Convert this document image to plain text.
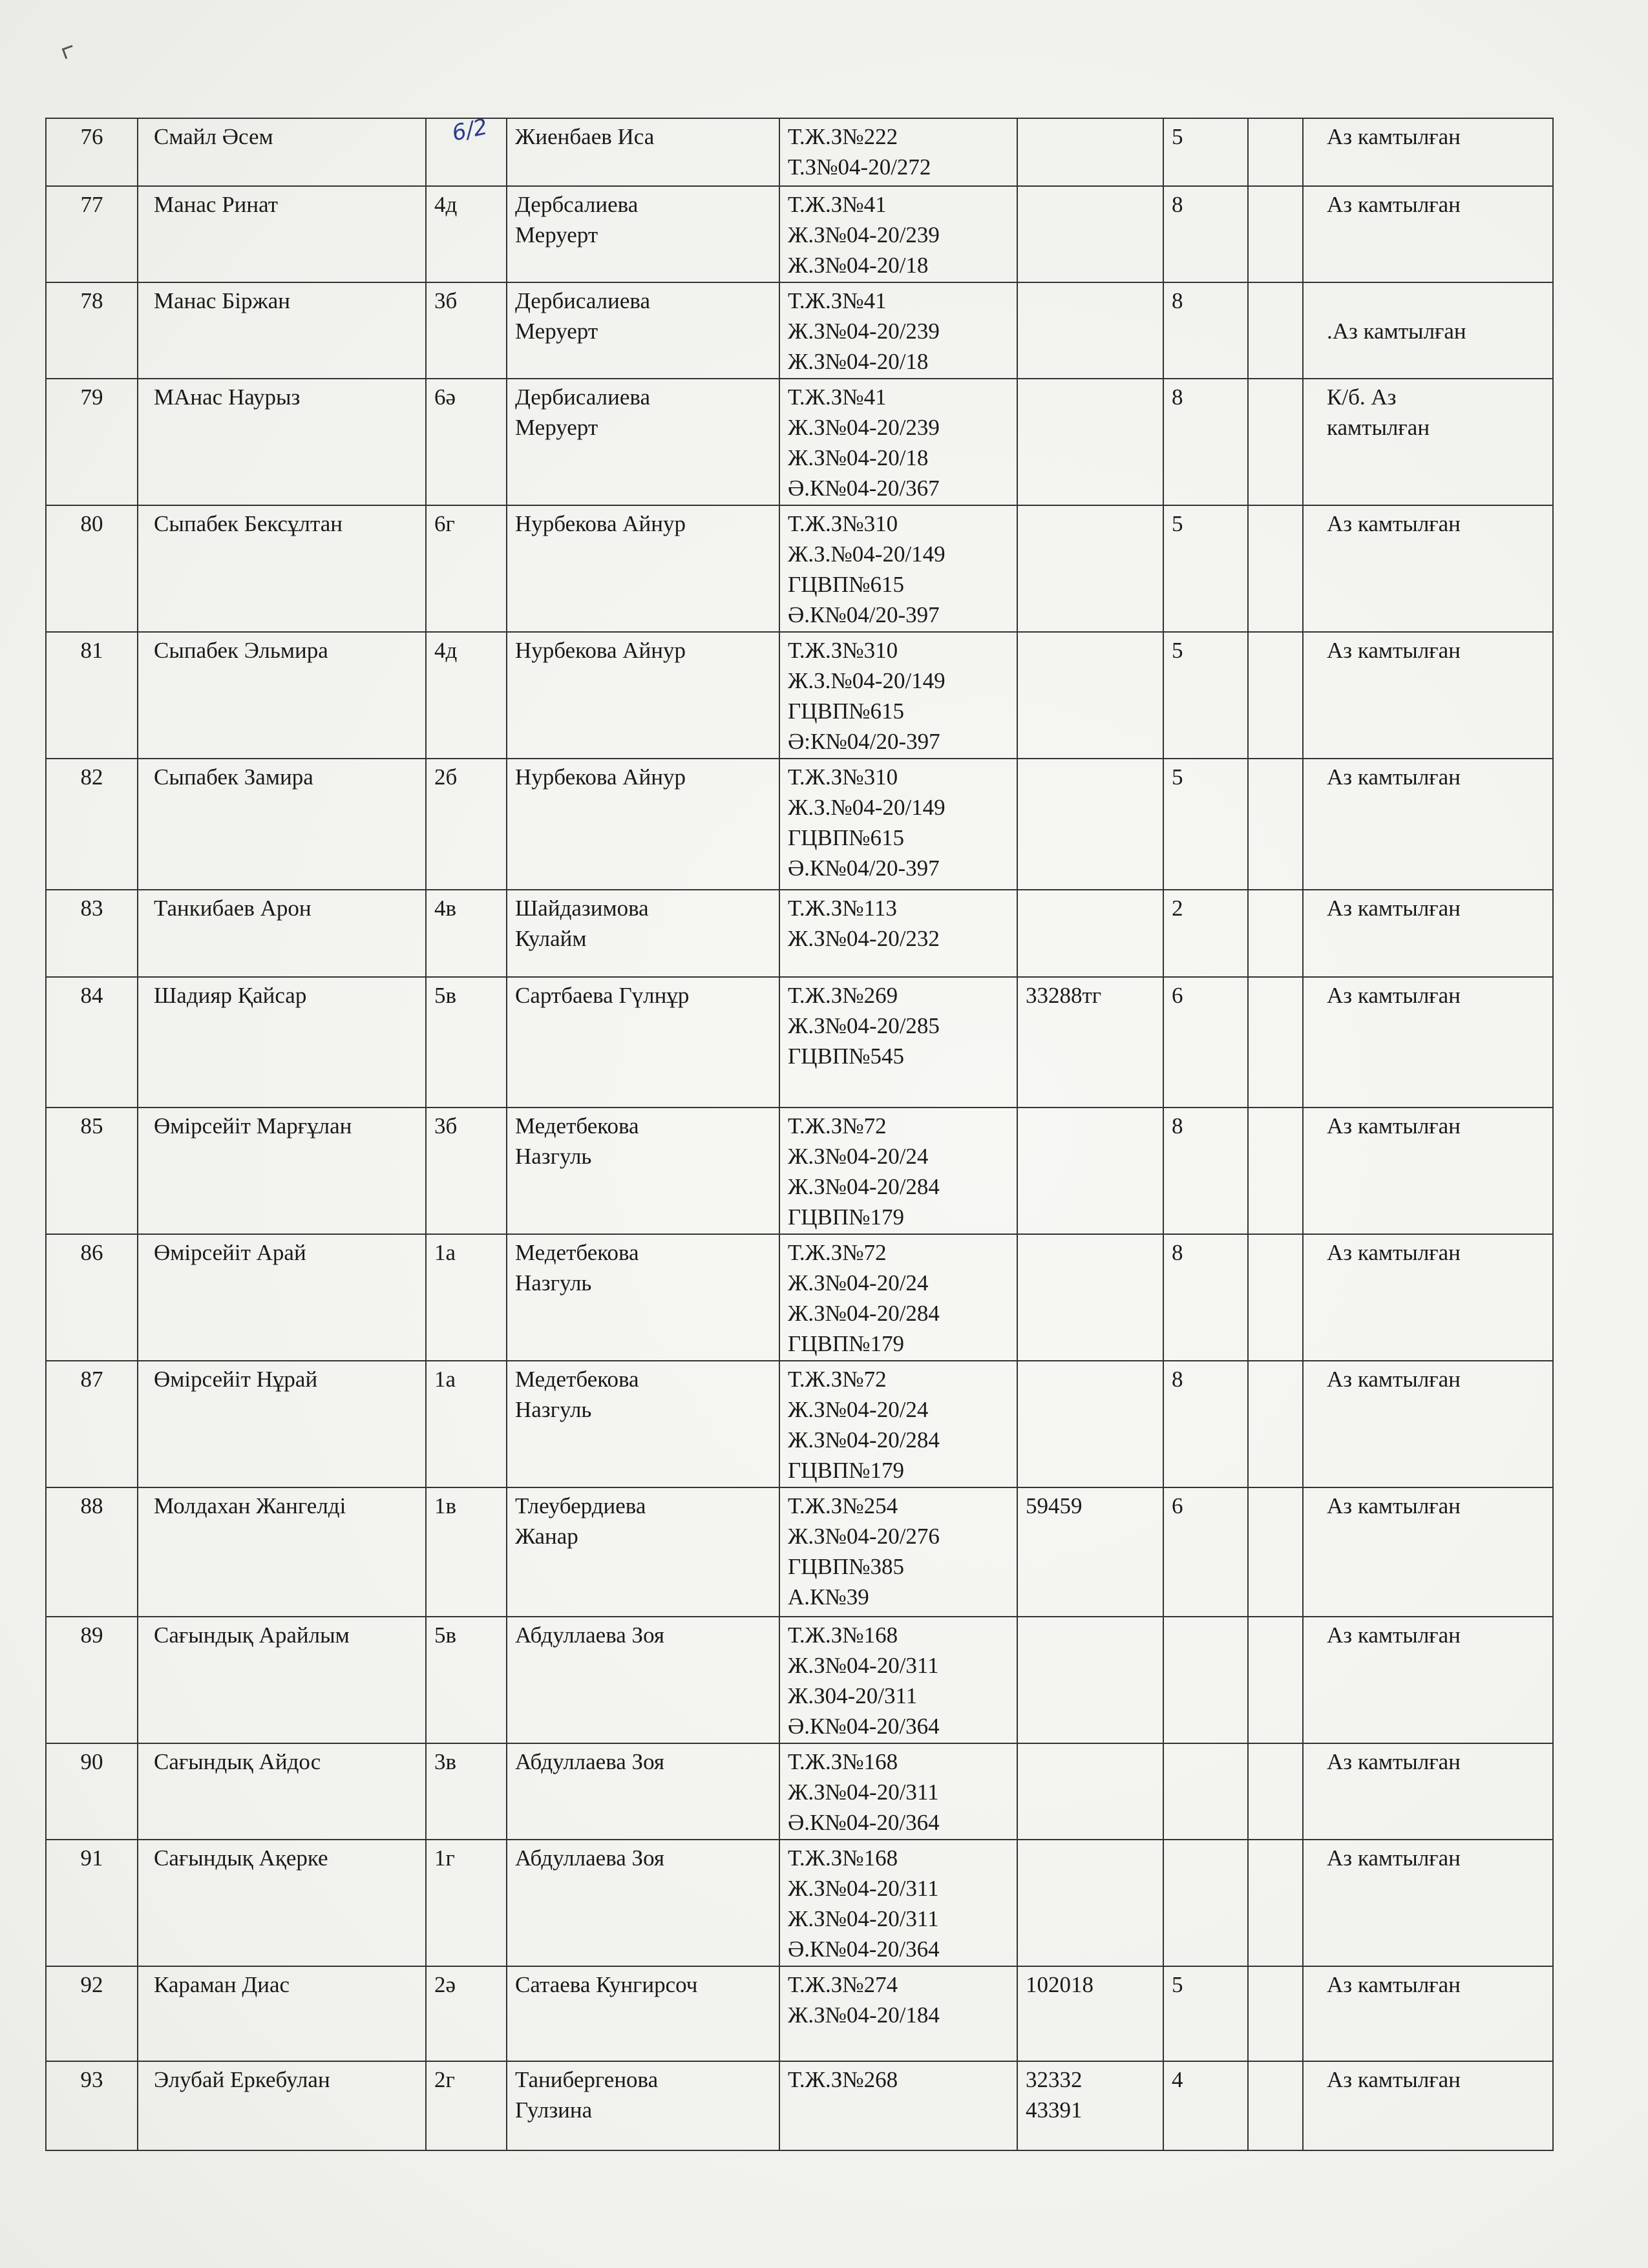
6/2
76	Смайл Әсем		Жиенбаев Иса	Т.Ж.З№222
Т.З№04-20/272		5		Аз камтылған

77	Манас Ринат	4д	Дербсалиева
Меруерт	Т.Ж.З№41
Ж.З№04-20/239
Ж.З№04-20/18		8		Аз камтылған

78	Манас Біржан	3б	Дербисалиева
Меруерт	Т.Ж.З№41
Ж.З№04-20/239
Ж.З№04-20/18		8		.Аз камтылған

79	МАнас Наурыз	6ә	Дербисалиева
Меруерт	Т.Ж.З№41
Ж.З№04-20/239
Ж.З№04-20/18
Ә.К№04-20/367		8		К/б. Аз
камтылған

80	Сыпабек Бексұлтан	6г	Нурбекова Айнур	Т.Ж.З№310
Ж.З.№04-20/149
ГЦВП№615
Ә.К№04/20-397		5		Аз камтылған

81	Сыпабек Эльмира	4д	Нурбекова Айнур	Т.Ж.З№310
Ж.З.№04-20/149
ГЦВП№615
Ә:К№04/20-397		5		Аз камтылған

82	Сыпабек Замира	2б	Нурбекова Айнур	Т.Ж.З№310
Ж.З.№04-20/149
ГЦВП№615
Ә.К№04/20-397		5		Аз камтылған

83	Танкибаев Арон	4в	Шайдазимова
Кулайм	Т.Ж.З№113
Ж.З№04-20/232		2		Аз камтылған

84	Шадияр Қайсар	5в	Сартбаева Гүлнұр	Т.Ж.З№269
Ж.З№04-20/285
ГЦВП№545	33288тг	6		Аз камтылған

85	Өмірсейіт Марғұлан	3б	Медетбекова
Назгуль	Т.Ж.З№72
Ж.З№04-20/24
Ж.З№04-20/284
ГЦВП№179		8		Аз камтылған

86	Өмірсейіт Арай	1а	Медетбекова
Назгуль	Т.Ж.З№72
Ж.З№04-20/24
Ж.З№04-20/284
ГЦВП№179		8		Аз камтылған

87	Өмірсейіт Нұрай	1а	Медетбекова
Назгуль	Т.Ж.З№72
Ж.З№04-20/24
Ж.З№04-20/284
ГЦВП№179		8		Аз камтылған

88	Молдахан Жангелді	1в	Тлеубердиева
Жанар	Т.Ж.З№254
Ж.З№04-20/276
ГЦВП№385
А.К№39	59459	6		Аз камтылған

89	Сағындық Арайлым	5в	Абдуллаева Зоя	Т.Ж.З№168
Ж.З№04-20/311
Ж.З04-20/311
Ә.К№04-20/364				Аз камтылған

90	Сағындық Айдос	3в	Абдуллаева Зоя	Т.Ж.З№168
Ж.З№04-20/311
Ә.К№04-20/364				Аз камтылған

91	Сағындық Ақерке	1г	Абдуллаева Зоя	Т.Ж.З№168
Ж.З№04-20/311
Ж.З№04-20/311
Ә.К№04-20/364				Аз камтылған

92	Караман Диас	2ә	Сатаева Кунгирсоч	Т.Ж.З№274
Ж.З№04-20/184	102018	5		Аз камтылған

93	Элубай Еркебулан	2г	Танибергенова
Гулзина	Т.Ж.З№268	32332
43391	4		Аз камтылған
